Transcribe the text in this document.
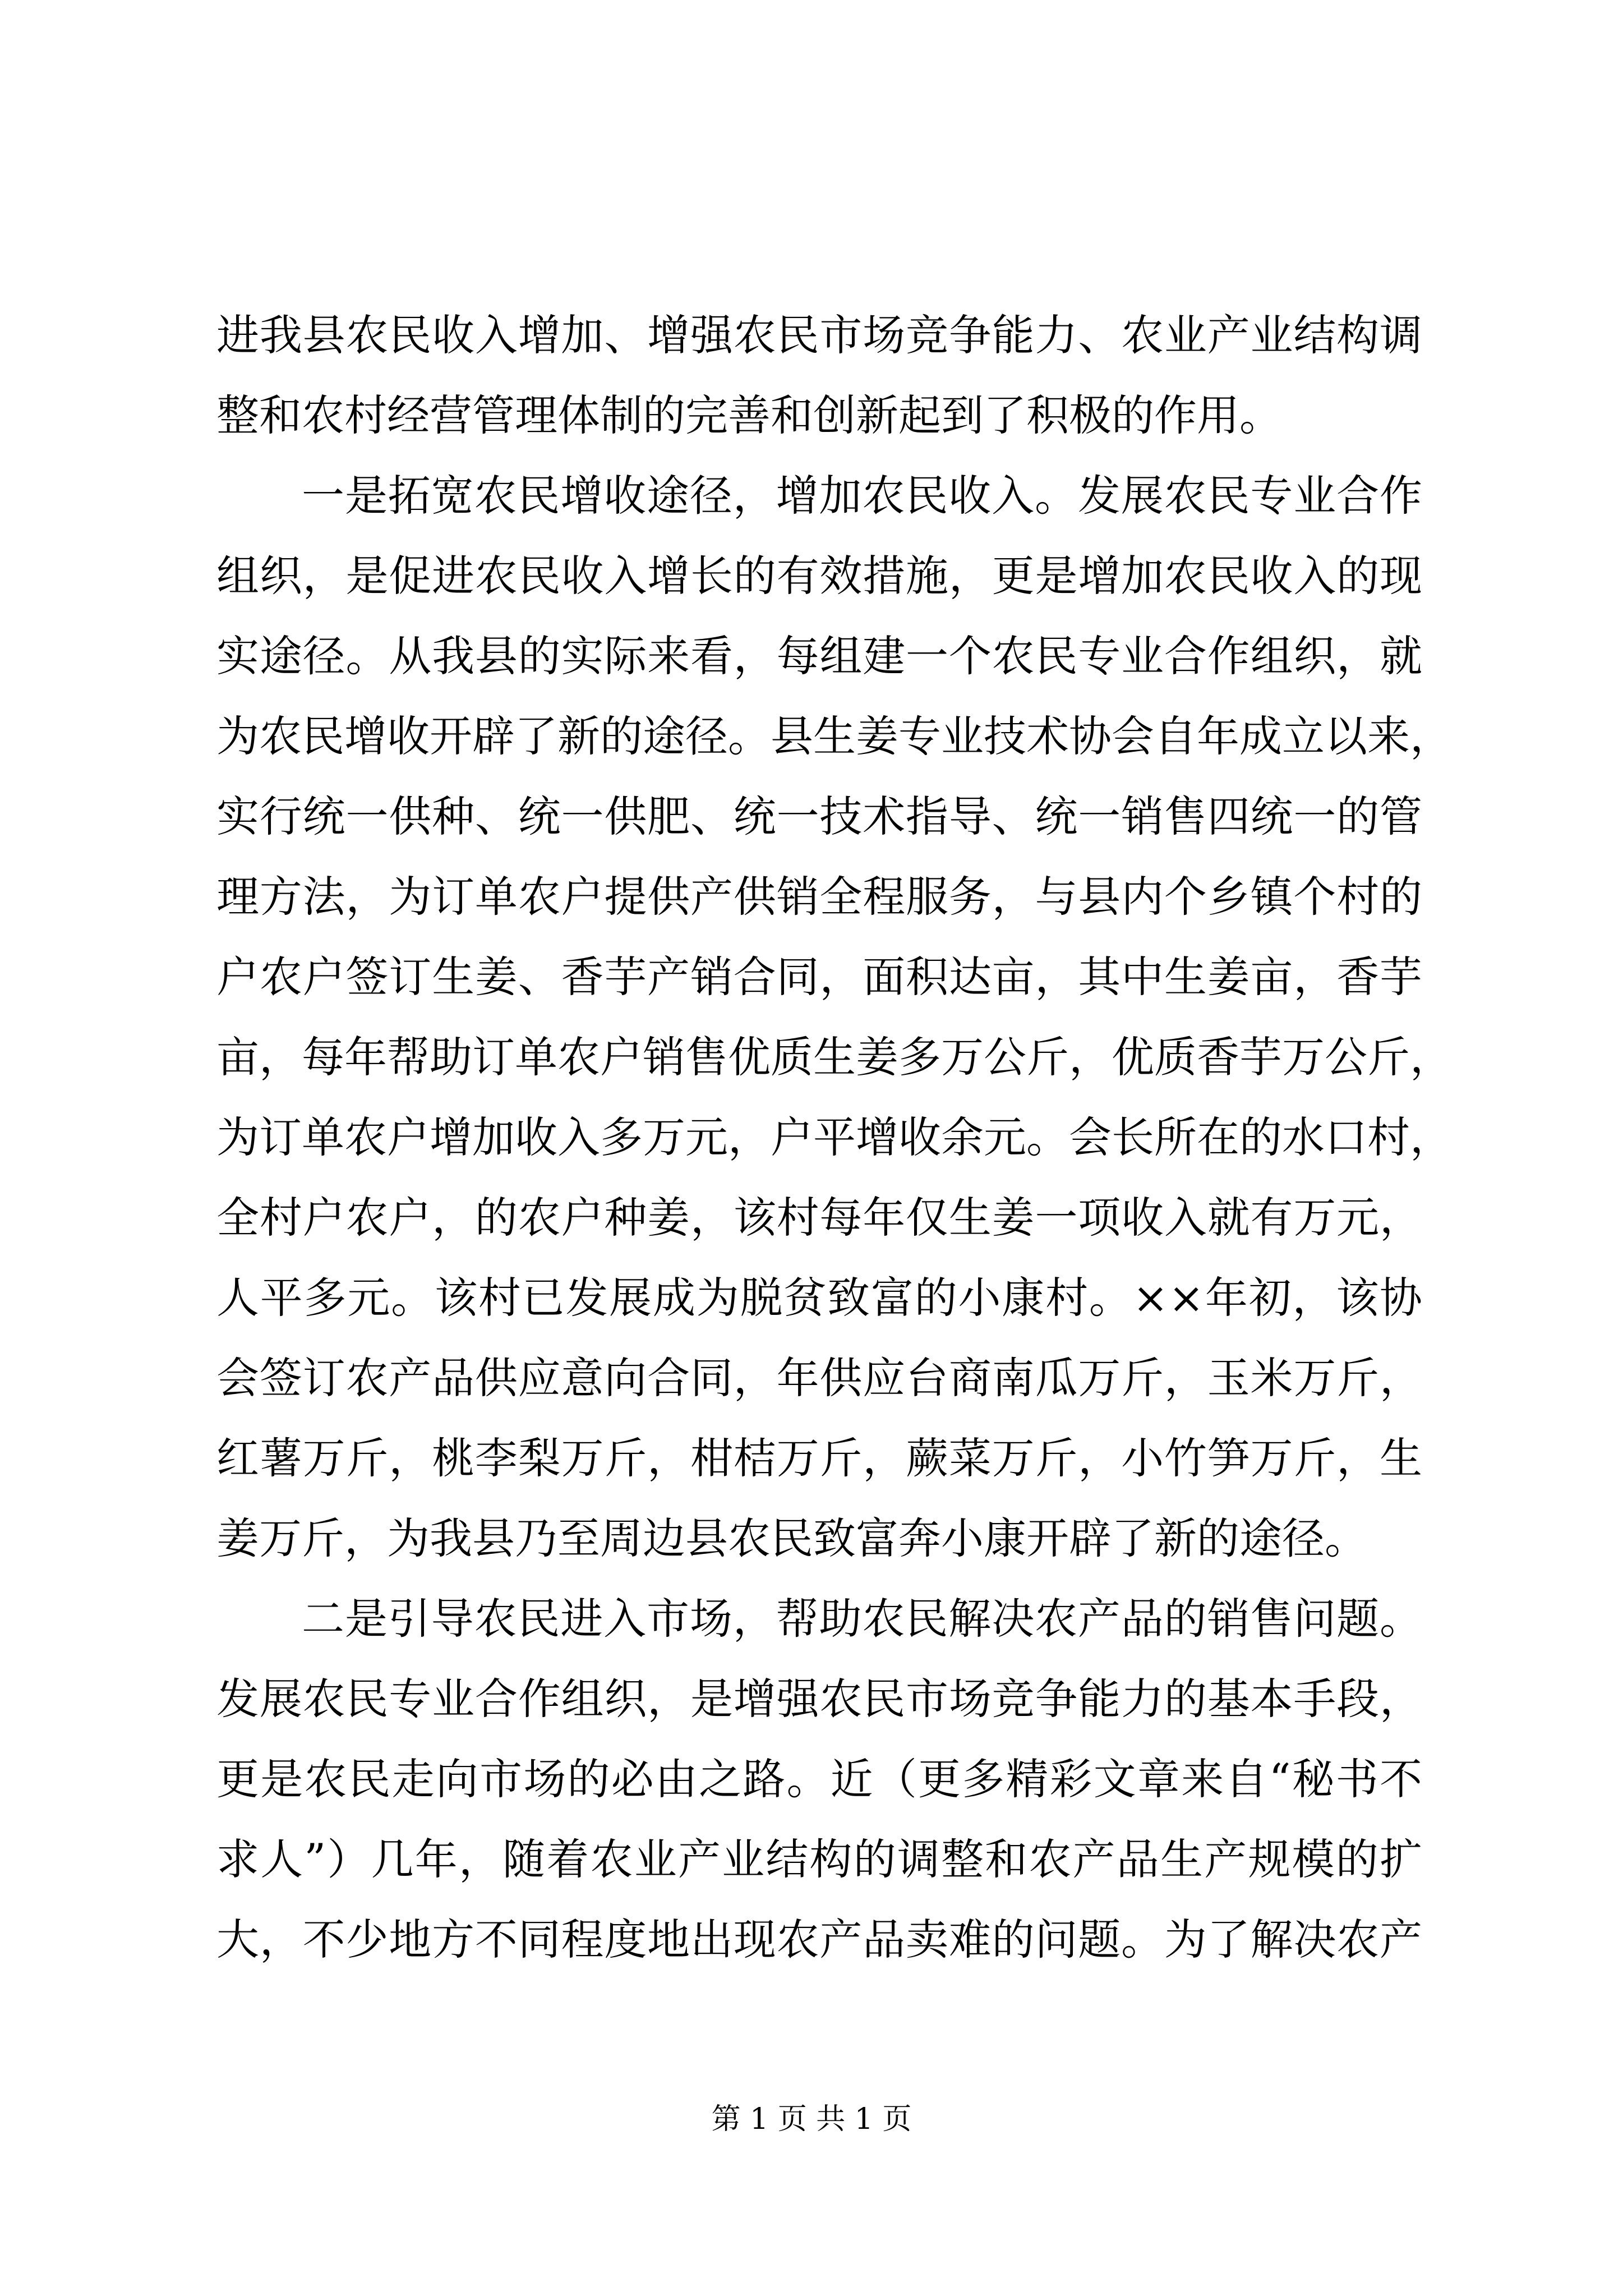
进我县农民收入增加、增强农民市场竞争能力、农业产业结构调
整和农村经营管理体制的完善和创新起到了积极的作用。
一是拓宽农民增收途径，增加农民收入。发展农民专业合作
组织，是促进农民收入增长的有效措施，更是增加农民收入的现
实途径。从我县的实际来看，每组建一个农民专业合作组织，就
为农民增收开辟了新的途径。县生姜专业技术协会自年成立以来，
实行统一供种、统一供肥、统一技术指导、统一销售四统一的管
理方法，为订单农户提供产供销全程服务，与县内个乡镇个村的
户农户签订生姜、香芋产销合同，面积达亩，其中生姜亩，香芋
亩，每年帮助订单农户销售优质生姜多万公斤，优质香芋万公斤，
为订单农户增加收入多万元，户平增收余元。会长所在的水口村，
全村户农户，的农户种姜，该村每年仅生姜一项收入就有万元，
人平多元。该村已发展成为脱贫致富的小康村。××年初，该协
会签订农产品供应意向合同，年供应台商南瓜万斤，玉米万斤，
红薯万斤，桃李梨万斤，柑桔万斤，蕨菜万斤，小竹笋万斤，生
姜万斤，为我县乃至周边县农民致富奔小康开辟了新的途径。
二是引导农民进入市场，帮助农民解决农产品的销售问题。
发展农民专业合作组织，是增强农民市场竞争能力的基本手段，
更是农民走向市场的必由之路。近（更多精彩文章来自“秘书不
求人”）几年，随着农业产业结构的调整和农产品生产规模的扩
大，不少地方不同程度地出现农产品卖难的问题。为了解决农产
第 1 页 共 1 页
